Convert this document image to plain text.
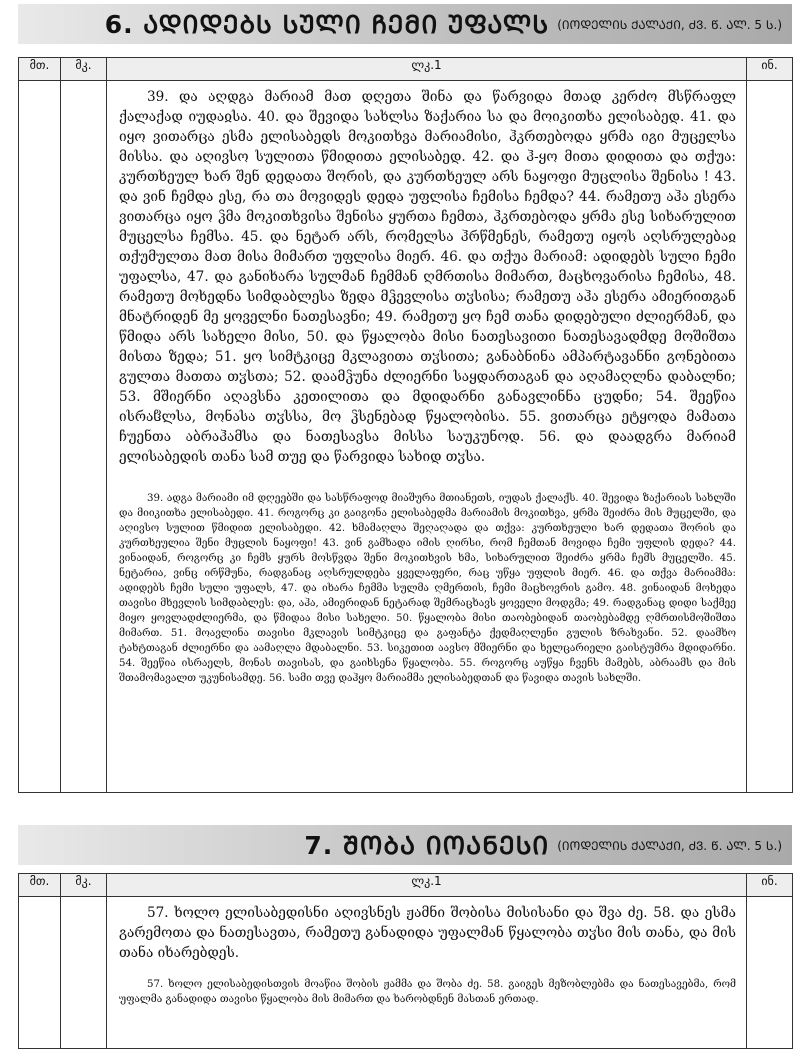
6. ᲐᲓᲘᲓᲔᲑᲡ ᲡᲣᲚᲘ ᲩᲔᲛᲘ ᲣᲤᲐᲚᲡ (ᲘᲝᲓᲔᲚᲘᲡ ᲥᲐᲚᲐᲥᲘ, ᲫᲕ. Წ. ᲐᲚ. 5 Ს.)
მთ.	მკ.	ლკ.1	ინ.

		39. და აღდგა მარიამ მათ დღეთა შინა და წარვიდა მთად კერძო მსწრაფლ ქალაქად იუდაჲსა. 40. და შევიდა სახლსა ზაქარია სა და მოიკითხა ელისაბედ. 41. და იყო ვითარცა ესმა ელისაბედს მოკითხვა მარიამისი, ჰკრთებოდა ყრმა იგი მუცელსა მისსა. და აღივსო სულითა წმიდითა ელისაბედ. 42. და ჰ-ყო მითა დიდითა და თქუა: კურთხეულ ხარ შენ დედათა შორის, და კურთხეულ არს ნაყოფი მუცლისა შენისა ! 43. და ვინ ჩემდა ესე, რა თა მოვიდეს დედა უფლისა ჩემისა ჩემდა? 44. რამეთუ აჰა ესერა ვითარცა იყო ჴმა მოკითხვისა შენისა ყურთა ჩემთა, ჰკრთებოდა ყრმა ესე სიხარულით მუცელსა ჩემსა. 45. და ნეტარ არს, რომელსა ჰრწმენეს, რამეთუ იყოს აღსრულებაჲ თქუმულთა მათ მისა მიმართ უფლისა მიერ. 46. და თქუა მარიამ: ადიდებს სული ჩემი უფალსა, 47. და განიხარა სულმან ჩემმან ღმრთისა მიმართ, მაცხოვარისა ჩემისა, 48. რამეთუ მოხედნა სიმდაბლესა ზედა მჴევლისა თჳსისა; რამეთუ აჰა ესერა ამიერითგან მნატრიდენ მე ყოველნი ნათესავნი; 49. რამეთუ ყო ჩემ თანა დიდებული ძლიერმან, და წმიდა არს სახელი მისი, 50. და წყალობა მისი ნათესავითი ნათესავადმდე მოშიშთა მისთა ზედა; 51. ყო სიმტკიცე მკლავითა თჳსითა; განაბნინა ამპარტავანნი გონებითა გულთა მათთა თჳსთა; 52. დაამჴუნა ძლიერნი საყდართაგან და აღამაღლნა დაბალნი; 53. მშიერნი აღავსნა კეთილითა და მდიდარნი განავლინნა ცუდნი; 54. შეეწია ისრაჱლსა, მონასა თჳსსა, მო ჴსენებად წყალობისა. 55. ვითარცა ეტყოდა მამათა ჩუენთა აბრაჰამსა და ნათესავსა მისსა საუკუნოდ. 56. და დაადგრა მარიამ ელისაბედის თანა სამ თუე და წარვიდა სახიდ თჳსა.

39. ადგა მარიამი იმ დღეებში და სასწრაფოდ მიაშურა მთიანეთს, იუდას ქალაქს. 40. შევიდა ზაქარიას სახლში და მიიკითხა ელისაბედი. 41. როგორც კი გაიგონა ელისაბედმა მარიამის მოკითხვა, ყრმა შეიძრა მის მუცელში, და აღივსო სულით წმიდით ელისაბედი. 42. ხმამაღლა შეღაღადა და თქვა: კურთხეული ხარ დედათა შორის და კურთხეულია შენი მუცლის ნაყოფი! 43. ვინ გამხადა იმის ღირსი, რომ ჩემთან მოვიდა ჩემი უფლის დედა? 44. ვინაიდან, როგორც კი ჩემს ყურს მოსწვდა შენი მოკითხვის ხმა, სიხარულით შეიძრა ყრმა ჩემს მუცელში. 45. ნეტარია, ვინც ირწმუნა, რადგანაც აღსრულდება ყველაფერი, რაც უწყა უფლის მიერ. 46. და თქვა მარიამმა: ადიდებს ჩემი სული უფალს, 47. და იხარა ჩემმა სულმა ღმერთის, ჩემი მაცხოვრის გამო. 48. ვინაიდან მოხედა თავისი მხევლის სიმდაბლეს: და, აჰა, ამიერიდან ნეტარად შემრაცხავს ყოველი მოდგმა; 49. რადგანაც დიდი საქმეე მიყო ყოვლადძლიერმა, და წმიდაა მისი სახელი. 50. წყალობა მისი თაობებიდან თაობებამდე ღმრთისმოშიშთა მიმართ. 51. მოავლინა თავისი მკლავის სიმტკიცე და გაფანტა ქედმაღლენი გულის ზრახვანი. 52. დაამხო ტახტთაგან ძლიერნი და აამაღლა მდაბალნი. 53. სიკეთით აავსო მშიერნი და ხელცარიელი გაისტუმრა მდიდარნი. 54. შეეწია ისრაელს, მონას თავისას, და გაიხსენა წყალობა. 55. როგორც აუწყა ჩვენს მამებს, აბრაამს და მის შთამომავალთ უკუნისამდე. 56. სამი თვე დაჰყო მარიამმა ელისაბედთან და წავიდა თავის სახლში.	

7. ᲨᲝᲑᲐ ᲘᲝᲐᲜᲔᲡᲘ (ᲘᲝᲓᲔᲚᲘᲡ ᲥᲐᲚᲐᲥᲘ, ᲫᲕ. Წ. ᲐᲚ. 5 Ს.)
მთ.	მკ.	ლკ.1	ინ.

		57. ხოლო ელისაბედისნი აღივსნეს ჟამნი შობისა მისისანი და შვა ძე. 58. და ესმა გარემოთა და ნათესავთა, რამეთუ განადიდა უფალმან წყალობა თჳსი მის თანა, და მის თანა იხარებდეს.

57. ხოლო ელისაბედისთვის მოაწია შობის ჟამმა და შობა ძე. 58. გაიგეს მეზობლებმა და ნათესავებმა, რომ უფალმა განადიდა თავისი წყალობა მის მიმართ და ხარობდნენ მასთან ერთად.	
